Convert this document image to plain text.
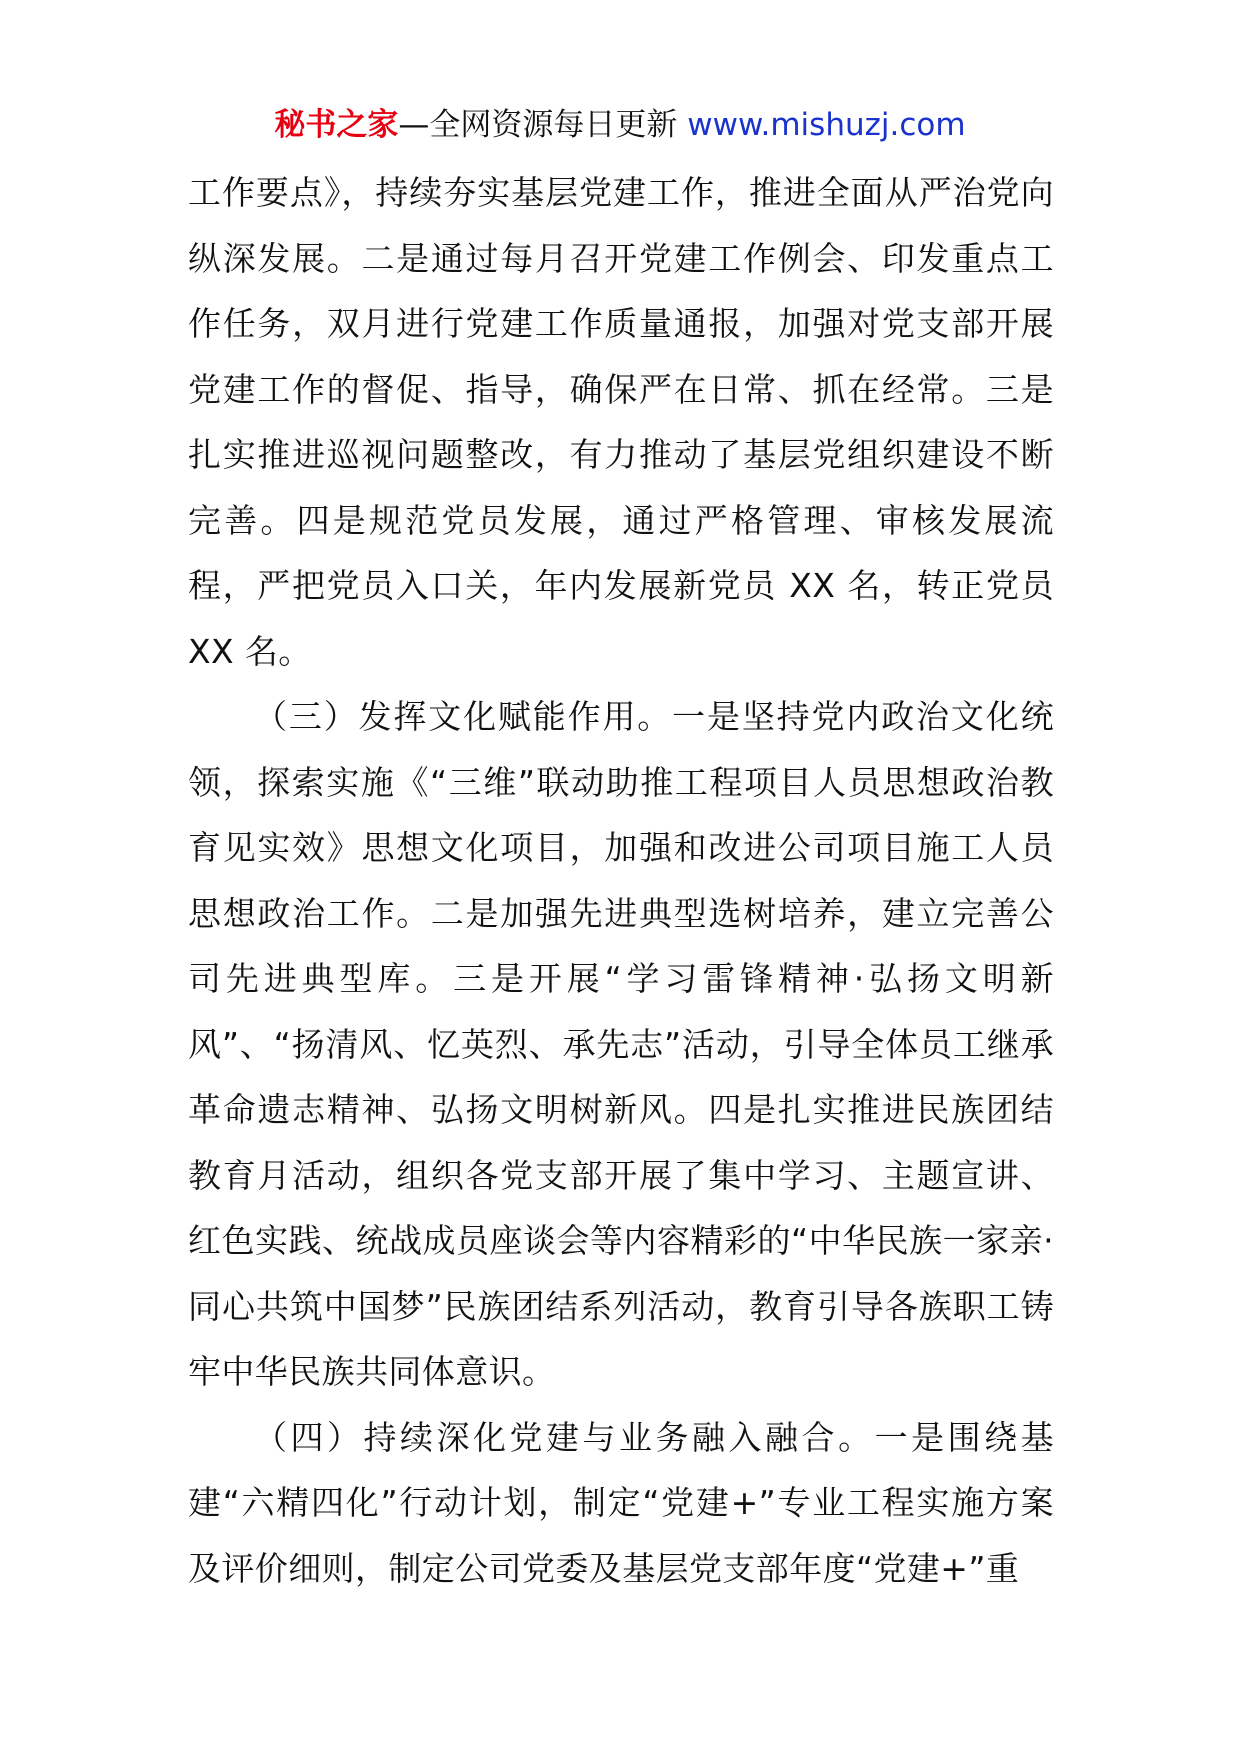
秘书之家—全网资源每日更新 www.mishuzj.com

工作要点》，持续夯实基层党建工作，推进全面从严治党向纵深发展。二是通过每月召开党建工作例会、印发重点工作任务，双月进行党建工作质量通报，加强对党支部开展党建工作的督促、指导，确保严在日常、抓在经常。三是扎实推进巡视问题整改，有力推动了基层党组织建设不断完善。四是规范党员发展，通过严格管理、审核发展流程，严把党员入口关，年内发展新党员 XX 名，转正党员 XX 名。

（三）发挥文化赋能作用。一是坚持党内政治文化统领，探索实施《“三维”联动助推工程项目人员思想政治教育见实效》思想文化项目，加强和改进公司项目施工人员思想政治工作。二是加强先进典型选树培养，建立完善公司先进典型库。三是开展“学习雷锋精神·弘扬文明新风”、“扬清风、忆英烈、承先志”活动，引导全体员工继承革命遗志精神、弘扬文明树新风。四是扎实推进民族团结教育月活动，组织各党支部开展了集中学习、主题宣讲、红色实践、统战成员座谈会等内容精彩的“中华民族一家亲·同心共筑中国梦”民族团结系列活动，教育引导各族职工铸牢中华民族共同体意识。

（四）持续深化党建与业务融入融合。一是围绕基建“六精四化”行动计划，制定“党建+”专业工程实施方案及评价细则，制定公司党委及基层党支部年度“党建+”重
